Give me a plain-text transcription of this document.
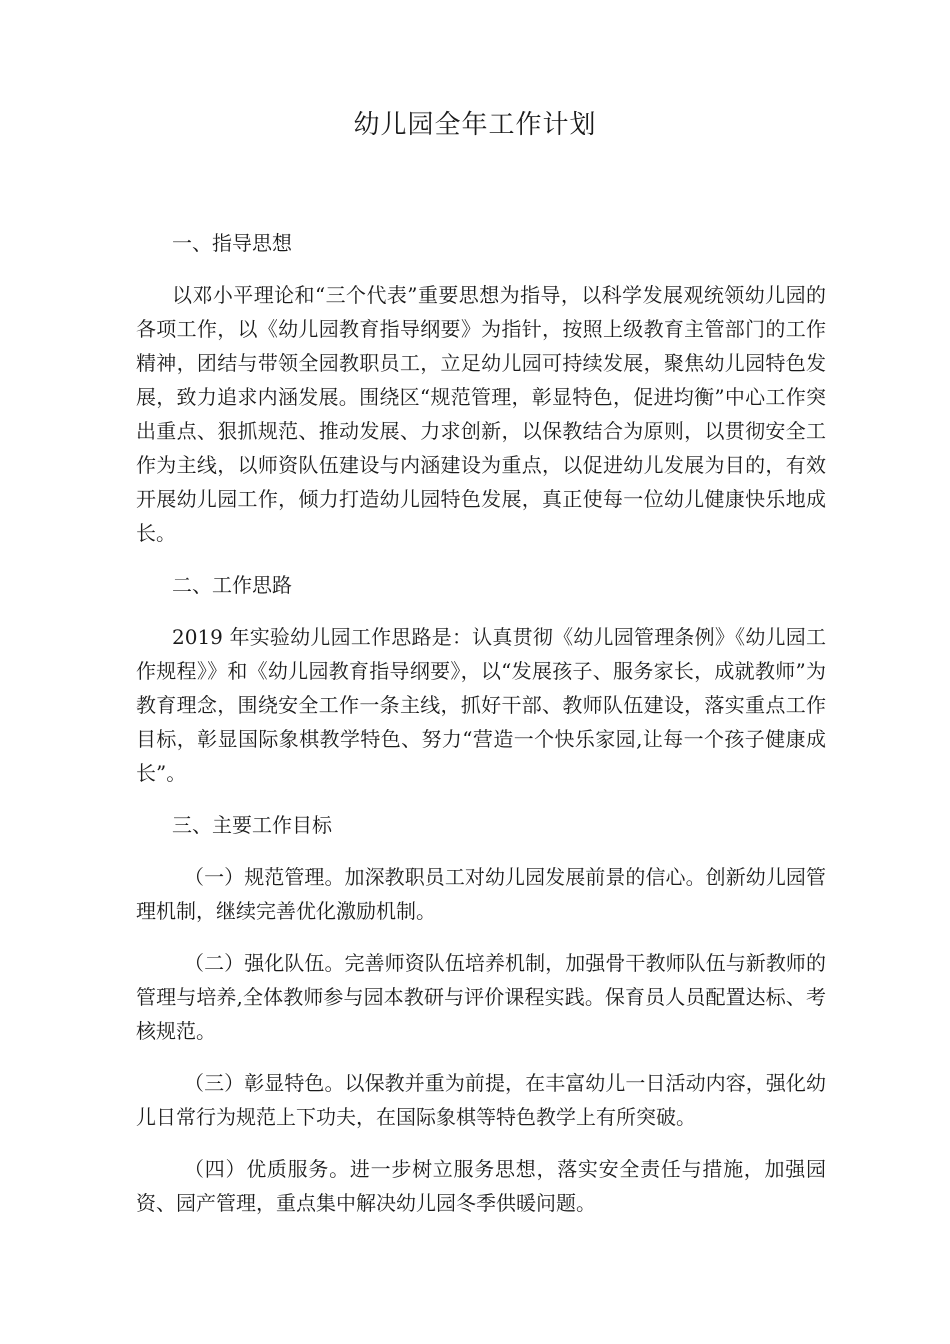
幼儿园全年工作计划

一、指导思想

以邓小平理论和“三个代表”重要思想为指导，以科学发展观统领幼儿园的各项工作，以《幼儿园教育指导纲要》为指针，按照上级教育主管部门的工作精神，团结与带领全园教职员工，立足幼儿园可持续发展，聚焦幼儿园特色发展，致力追求内涵发展。围绕区“规范管理，彰显特色，促进均衡”中心工作突出重点、狠抓规范、推动发展、力求创新，以保教结合为原则，以贯彻安全工作为主线，以师资队伍建设与内涵建设为重点，以促进幼儿发展为目的，有效开展幼儿园工作，倾力打造幼儿园特色发展，真正使每一位幼儿健康快乐地成长。

二、工作思路

2019 年实验幼儿园工作思路是：认真贯彻《幼儿园管理条例》《幼儿园工作规程》》和《幼儿园教育指导纲要》，以“发展孩子、服务家长，成就教师”为教育理念，围绕安全工作一条主线，抓好干部、教师队伍建设，落实重点工作目标，彰显国际象棋教学特色、努力“营造一个快乐家园,让每一个孩子健康成长”。

三、主要工作目标

（一）规范管理。加深教职员工对幼儿园发展前景的信心。创新幼儿园管理机制，继续完善优化激励机制。

（二）强化队伍。完善师资队伍培养机制，加强骨干教师队伍与新教师的管理与培养,全体教师参与园本教研与评价课程实践。保育员人员配置达标、考核规范。

（三）彰显特色。以保教并重为前提，在丰富幼儿一日活动内容，强化幼儿日常行为规范上下功夫，在国际象棋等特色教学上有所突破。

（四）优质服务。进一步树立服务思想，落实安全责任与措施，加强园资、园产管理，重点集中解决幼儿园冬季供暖问题。
